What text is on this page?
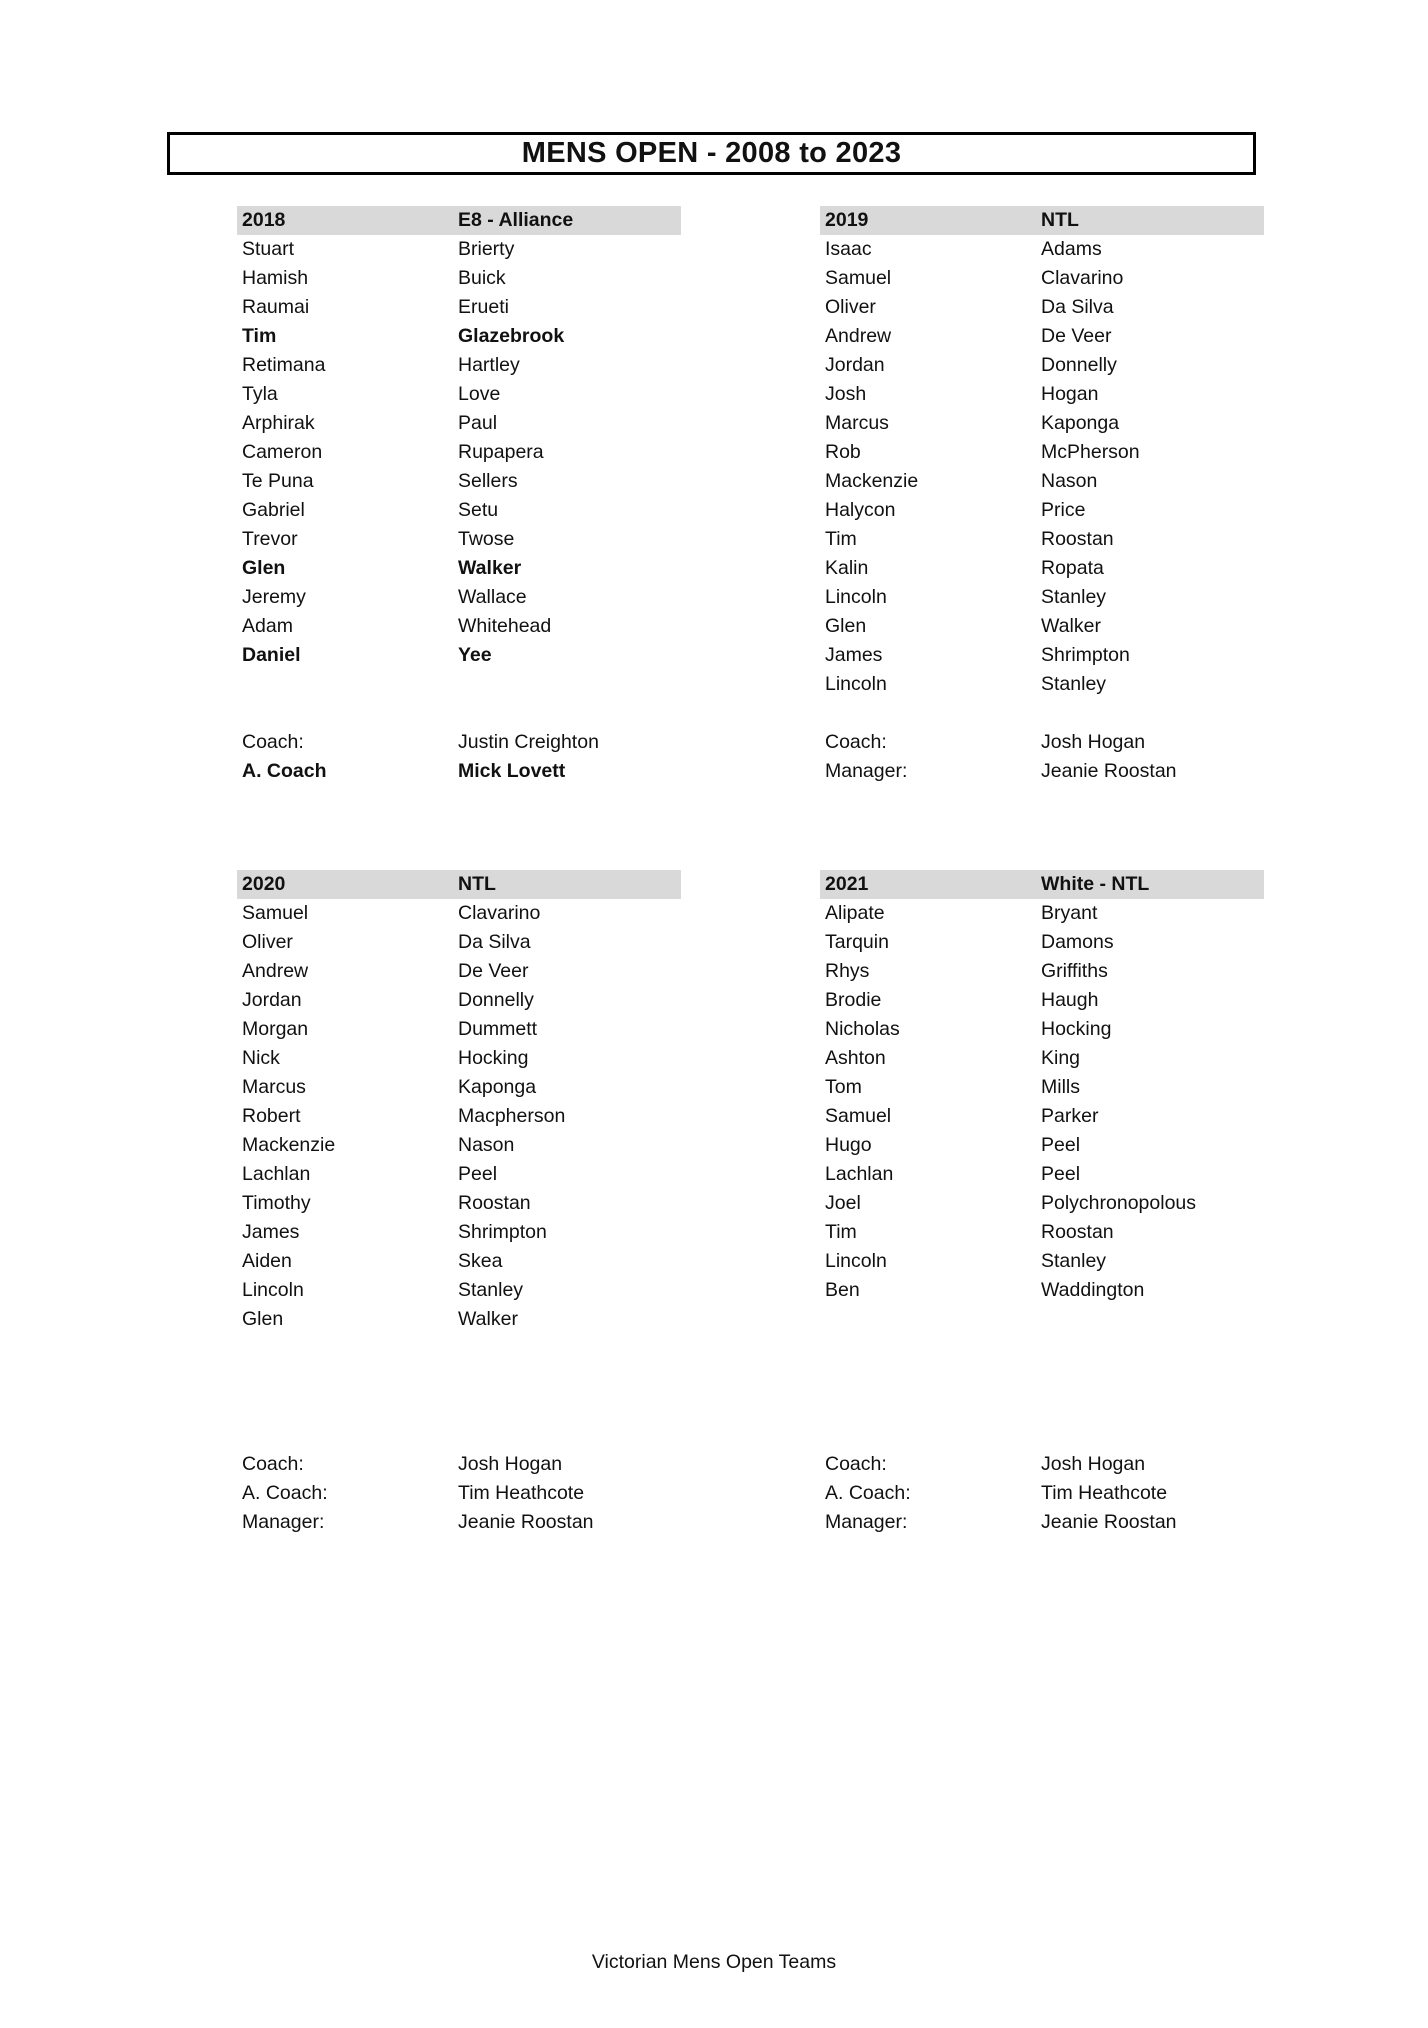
MENS OPEN - 2008 to 2023
2018	E8 - Alliance
Stuart	Brierty
Hamish	Buick
Raumai	Erueti
Tim	Glazebrook
Retimana	Hartley
Tyla	Love
Arphirak	Paul
Cameron	Rupapera
Te Puna	Sellers
Gabriel	Setu
Trevor	Twose
Glen	Walker
Jeremy	Wallace
Adam	Whitehead
Daniel	Yee
Coach:	Justin Creighton
A. Coach	Mick Lovett
2019	NTL
Isaac	Adams
Samuel	Clavarino
Oliver	Da Silva
Andrew	De Veer
Jordan	Donnelly
Josh	Hogan
Marcus	Kaponga
Rob	McPherson
Mackenzie	Nason
Halycon	Price
Tim	Roostan
Kalin	Ropata
Lincoln	Stanley
Glen	Walker
James	Shrimpton
Lincoln	Stanley
Coach:	Josh Hogan
Manager:	Jeanie Roostan
2020	NTL
Samuel	Clavarino
Oliver	Da Silva
Andrew	De Veer
Jordan	Donnelly
Morgan	Dummett
Nick	Hocking
Marcus	Kaponga
Robert	Macpherson
Mackenzie	Nason
Lachlan	Peel
Timothy	Roostan
James	Shrimpton
Aiden	Skea
Lincoln	Stanley
Glen	Walker
Coach:	Josh Hogan
A. Coach:	Tim Heathcote
Manager:	Jeanie Roostan
2021	White - NTL
Alipate	Bryant
Tarquin	Damons
Rhys	Griffiths
Brodie	Haugh
Nicholas	Hocking
Ashton	King
Tom	Mills
Samuel	Parker
Hugo	Peel
Lachlan	Peel
Joel	Polychronopolous
Tim	Roostan
Lincoln	Stanley
Ben	Waddington
Coach:	Josh Hogan
A. Coach:	Tim Heathcote
Manager:	Jeanie Roostan
Victorian Mens Open Teams
